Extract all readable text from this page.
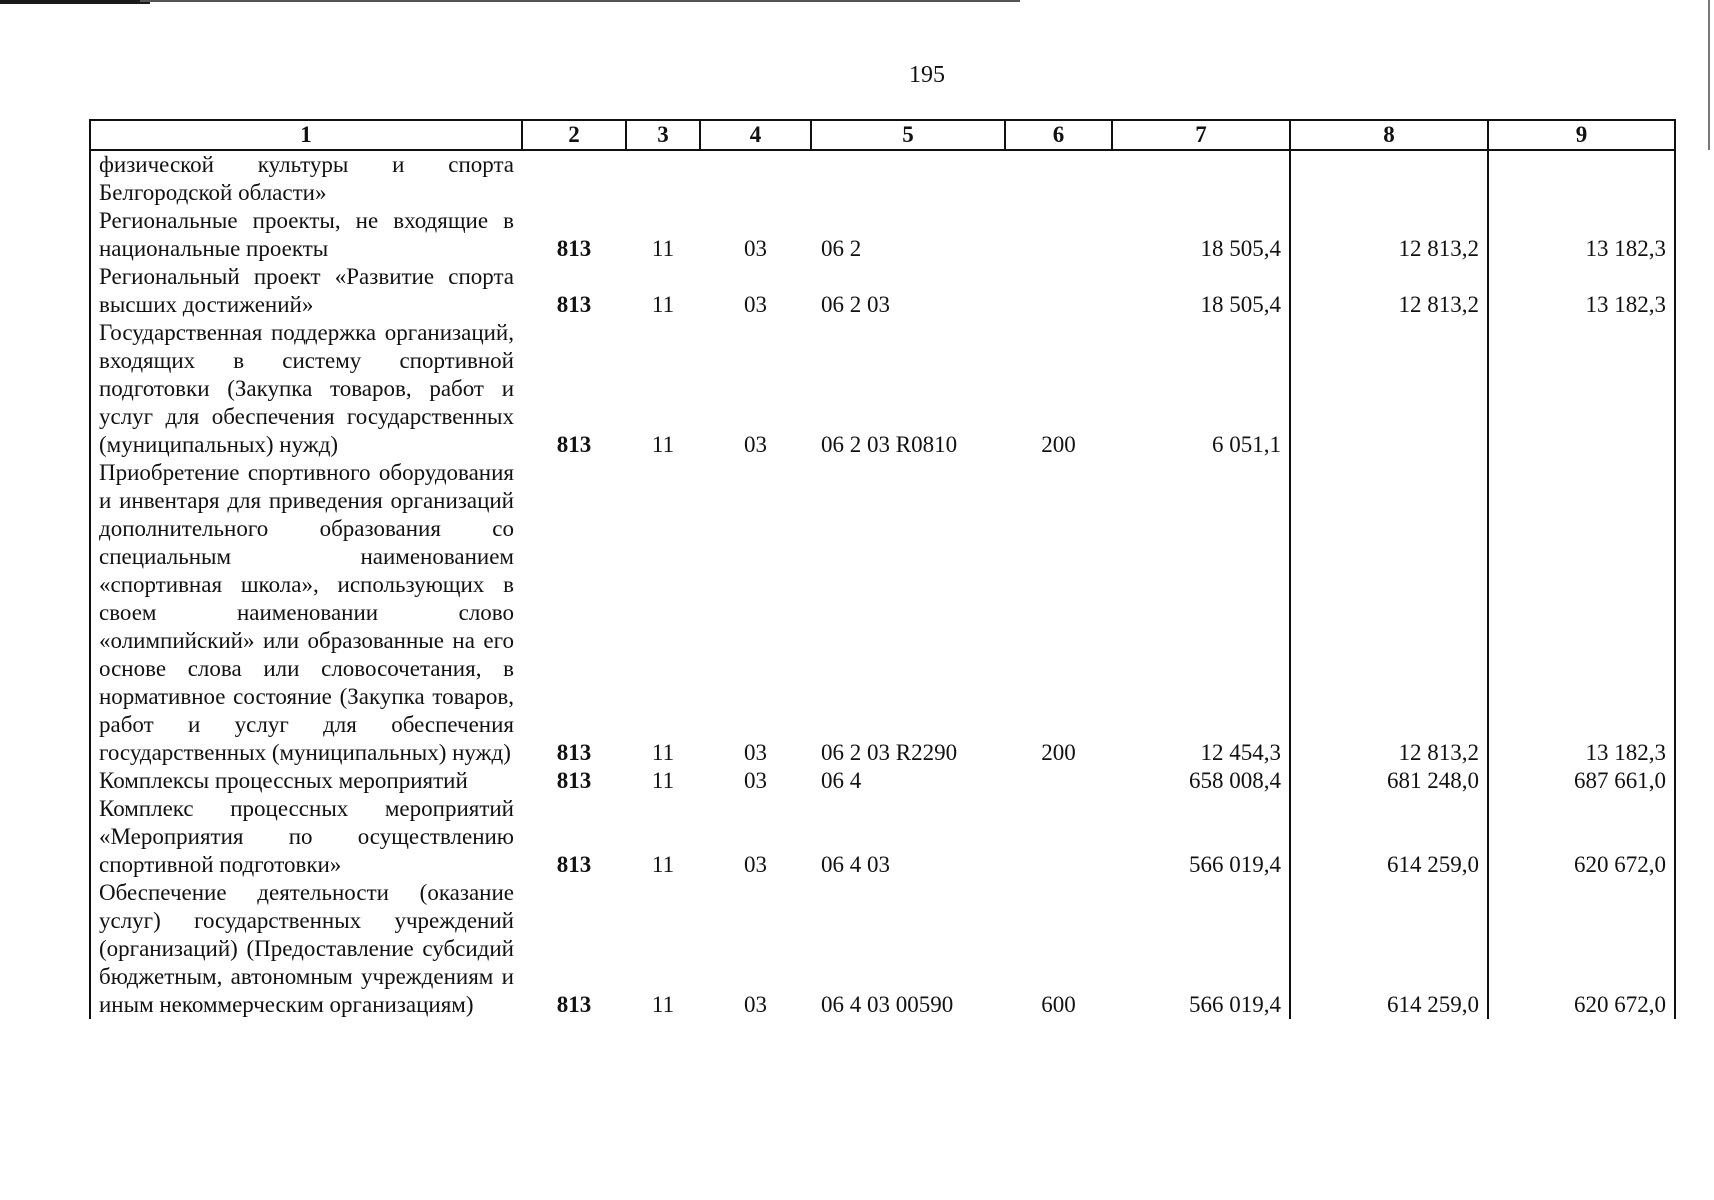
195
1	2	3	4	5	6	7	8	9
физической культуры и спорта Белгородской области»								
Региональные проекты, не входящие в национальные проекты	813	11	03	06 2		18 505,4	12 813,2	13 182,3
Региональный проект «Развитие спорта высших достижений»	813	11	03	06 2 03		18 505,4	12 813,2	13 182,3
Государственная поддержка организаций, входящих в систему спортивной подготовки (Закупка товаров, работ и услуг для обеспечения государственных (муниципальных) нужд)	813	11	03	06 2 03 R0810	200	6 051,1		
Приобретение спортивного оборудования и инвентаря для приведения организаций дополнительного образования со специальным наименованием «спортивная школа», использующих в своем наименовании слово «олимпийский» или образованные на его основе слова или словосочетания, в нормативное состояние (Закупка товаров, работ и услуг для обеспечения государственных (муниципальных) нужд)	813	11	03	06 2 03 R2290	200	12 454,3	12 813,2	13 182,3
Комплексы процессных мероприятий	813	11	03	06 4		658 008,4	681 248,0	687 661,0
Комплекс процессных мероприятий «Мероприятия по осуществлению спортивной подготовки»	813	11	03	06 4 03		566 019,4	614 259,0	620 672,0
Обеспечение деятельности (оказание услуг) государственных учреждений (организаций) (Предоставление субсидий бюджетным, автономным учреждениям и иным некоммерческим организациям)	813	11	03	06 4 03 00590	600	566 019,4	614 259,0	620 672,0
